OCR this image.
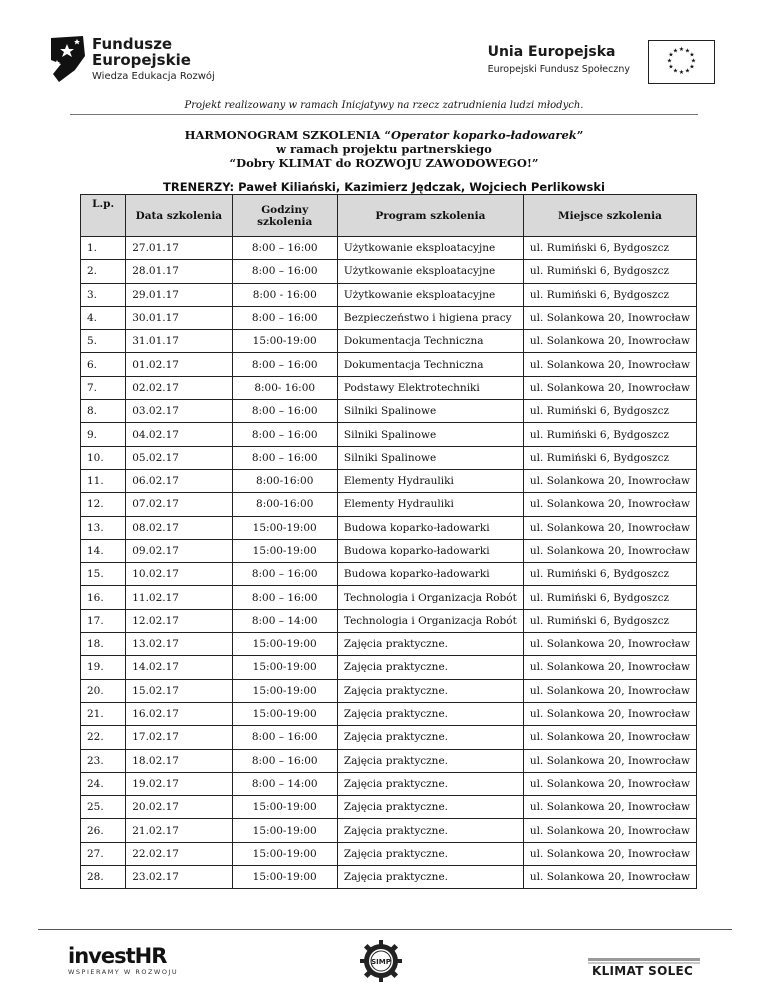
Fundusze
Europejskie
Wiedza Edukacja Rozwój
Unia Europejska
Europejski Fundusz Społeczny
★ ★
★
★
★
★
★
★
★
★
★
★
Projekt realizowany w ramach Inicjatywy na rzecz zatrudnienia ludzi młodych.
HARMONOGRAM SZKOLENIA “Operator koparko-ładowarek”
w ramach projektu partnerskiego
“Dobry KLIMAT do ROZWOJU ZAWODOWEGO!”
TRENERZY: Paweł Kiliański, Kazimierz Jędczak, Wojciech Perlikowski
L.p.	Data szkolenia	Godziny szkolenia	Program szkolenia	Miejsce szkolenia
1.	27.01.17	8:00 – 16:00	Użytkowanie eksploatacyjne	ul. Rumiński 6, Bydgoszcz
2.	28.01.17	8:00 – 16:00	Użytkowanie eksploatacyjne	ul. Rumiński 6, Bydgoszcz
3.	29.01.17	8:00 - 16:00	Użytkowanie eksploatacyjne	ul. Rumiński 6, Bydgoszcz
4.	30.01.17	8:00 – 16:00	Bezpieczeństwo i higiena pracy	ul. Solankowa 20, Inowrocław
5.	31.01.17	15:00-19:00	Dokumentacja Techniczna	ul. Solankowa 20, Inowrocław
6.	01.02.17	8:00 – 16:00	Dokumentacja Techniczna	ul. Solankowa 20, Inowrocław
7.	02.02.17	8:00- 16:00	Podstawy Elektrotechniki	ul. Solankowa 20, Inowrocław
8.	03.02.17	8:00 – 16:00	Silniki Spalinowe	ul. Rumiński 6, Bydgoszcz
9.	04.02.17	8:00 – 16:00	Silniki Spalinowe	ul. Rumiński 6, Bydgoszcz
10.	05.02.17	8:00 – 16:00	Silniki Spalinowe	ul. Rumiński 6, Bydgoszcz
11.	06.02.17	8:00-16:00	Elementy Hydrauliki	ul. Solankowa 20, Inowrocław
12.	07.02.17	8:00-16:00	Elementy Hydrauliki	ul. Solankowa 20, Inowrocław
13.	08.02.17	15:00-19:00	Budowa koparko-ładowarki	ul. Solankowa 20, Inowrocław
14.	09.02.17	15:00-19:00	Budowa koparko-ładowarki	ul. Solankowa 20, Inowrocław
15.	10.02.17	8:00 – 16:00	Budowa koparko-ładowarki	ul. Rumiński 6, Bydgoszcz
16.	11.02.17	8:00 – 16:00	Technologia i Organizacja Robót	ul. Rumiński 6, Bydgoszcz
17.	12.02.17	8:00 – 14:00	Technologia i Organizacja Robót	ul. Rumiński 6, Bydgoszcz
18.	13.02.17	15:00-19:00	Zajęcia praktyczne.	ul. Solankowa 20, Inowrocław
19.	14.02.17	15:00-19:00	Zajęcia praktyczne.	ul. Solankowa 20, Inowrocław
20.	15.02.17	15:00-19:00	Zajęcia praktyczne.	ul. Solankowa 20, Inowrocław
21.	16.02.17	15:00-19:00	Zajęcia praktyczne.	ul. Solankowa 20, Inowrocław
22.	17.02.17	8:00 – 16:00	Zajęcia praktyczne.	ul. Solankowa 20, Inowrocław
23.	18.02.17	8:00 – 16:00	Zajęcia praktyczne.	ul. Solankowa 20, Inowrocław
24.	19.02.17	8:00 – 14:00	Zajęcia praktyczne.	ul. Solankowa 20, Inowrocław
25.	20.02.17	15:00-19:00	Zajęcia praktyczne.	ul. Solankowa 20, Inowrocław
26.	21.02.17	15:00-19:00	Zajęcia praktyczne.	ul. Solankowa 20, Inowrocław
27.	22.02.17	15:00-19:00	Zajęcia praktyczne.	ul. Solankowa 20, Inowrocław
28.	23.02.17	15:00-19:00	Zajęcia praktyczne.	ul. Solankowa 20, Inowrocław
investHR
WSPIERAMY W ROZWOJU
SIMP
KLIMAT SOLEC
